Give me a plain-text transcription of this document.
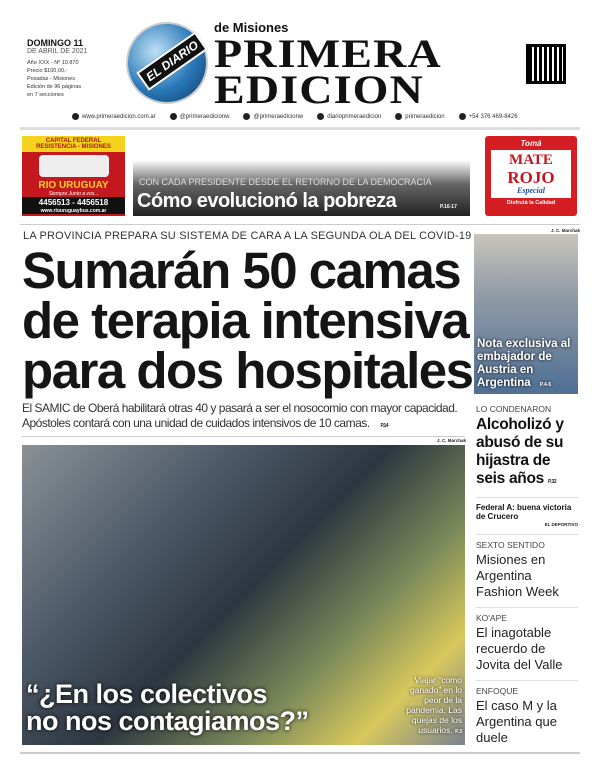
DOMINGO 11
DE ABRIL DE 2021
Año XXX - Nº 10.870
Precio $100,00.-
Posadas - Misiones
Edición de 96 páginas
en 7 secciones
EL DIARIO
de Misiones
PRIMERA
EDICION
www.primeraedicion.com.ar	@primeraedicionw	@primeraedicionw	diarioprimeraedicion	primeraedicion	+54 376 469-8426
CAPITAL FEDERAL
RESISTENCIA - MISIONES
RIO URUGUAY
Siempre Junto a vos...
4456513 - 4456518
www.riouruguaybus.com.ar
CON CADA PRESIDENTE DESDE EL RETORNO DE LA DEMOCRACIA
Cómo evolucionó la pobreza	P.16-17
Tomá
MATE
ROJO
Especial
Disfrutá la Calidad
LA PROVINCIA PREPARA SU SISTEMA DE CARA A LA SEGUNDA OLA DEL COVID-19
Sumarán 50 camas
de terapia intensiva
para dos hospitales
El SAMIC de Oberá habilitará otras 40 y pasará a ser el nosocomio con mayor capacidad. Apóstoles contará con una unidad de cuidados intensivos de 10 camas. P.14
J. C. Marchak
“¿En los colectivos
no nos contagiamos?”
Viajar “como ganado” en lo peor de la pandemia. Las quejas de los usuarios. P.3
J. C. Marchak
Nota exclusiva al embajador de Austria en Argentina P.4-5
LO CONDENARON
Alcoholizó y abusó de su hijastra de seis años P.32
Federal A: buena victoria de Crucero
EL DEPORTIVO
SEXTO SENTIDO
Misiones en Argentina Fashion Week
KO'APE
El inagotable recuerdo de Jovita del Valle
ENFOQUE
El caso M y la Argentina que duele
